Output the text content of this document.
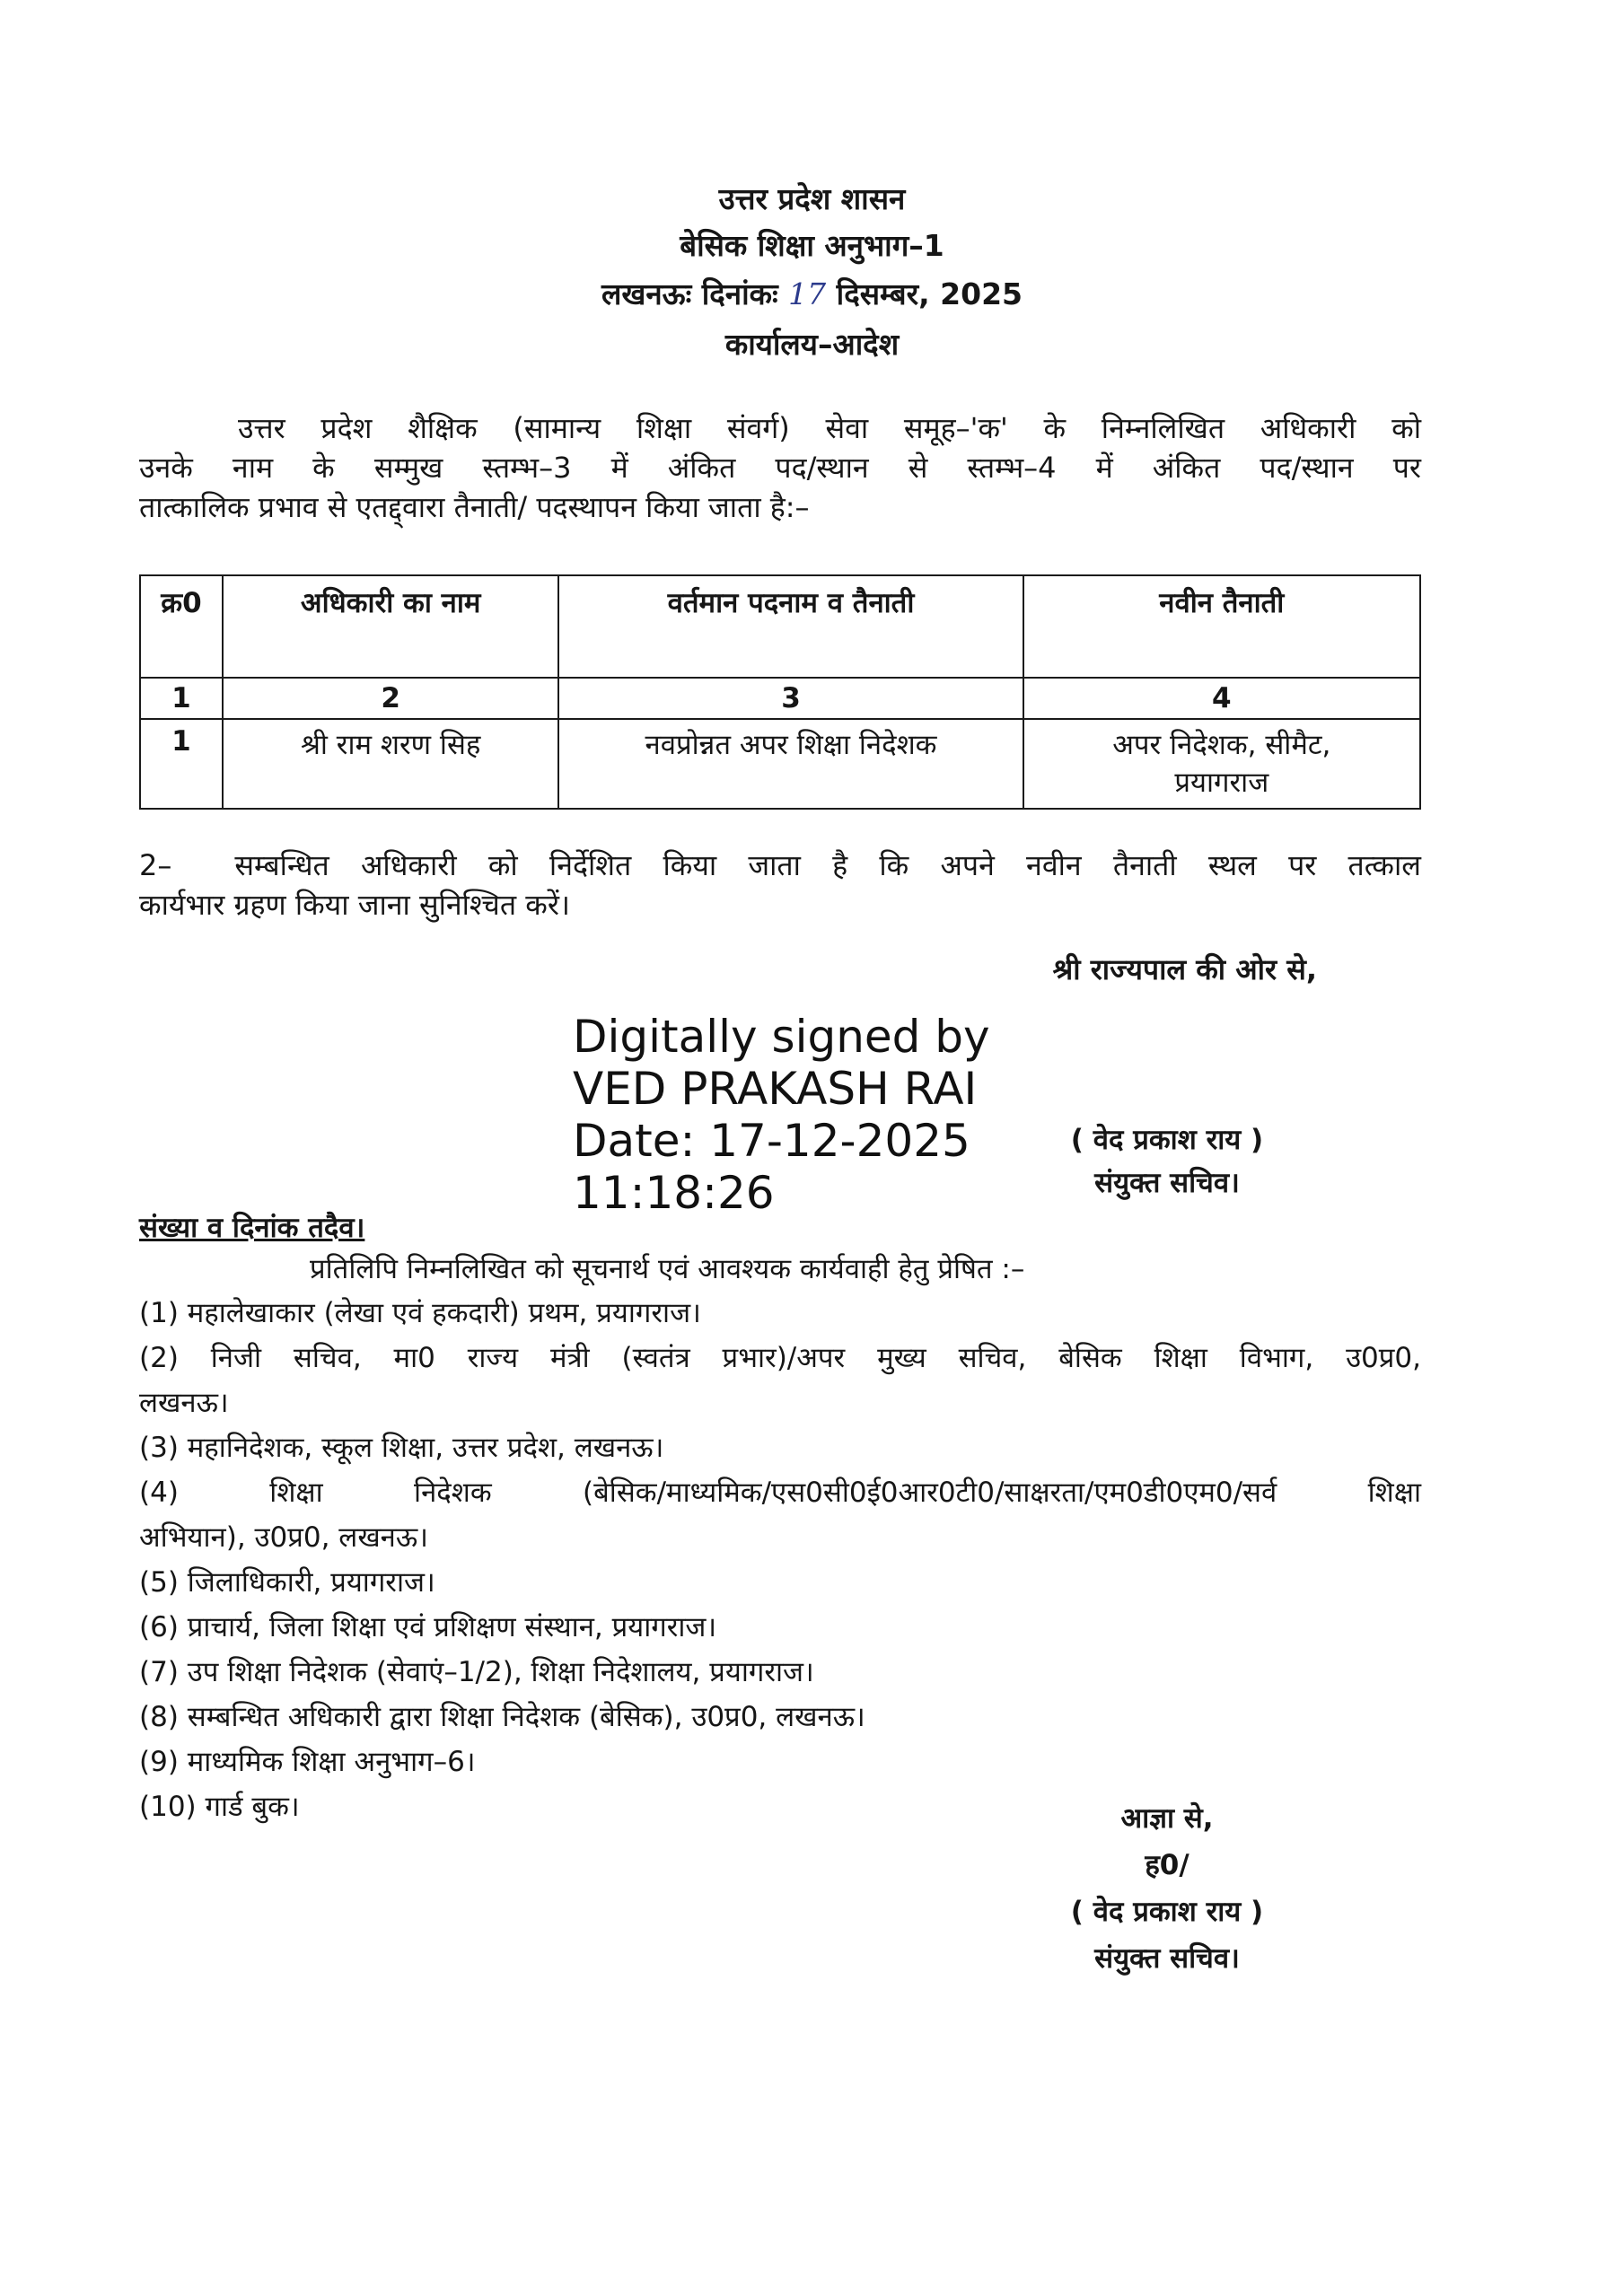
उत्तर प्रदेश शासन
बेसिक शिक्षा अनुभाग–1
लखनऊः दिनांकः 17 दिसम्बर, 2025
कार्यालय–आदेश
उत्तर प्रदेश शैक्षिक (सामान्य शिक्षा संवर्ग) सेवा समूह–'क' के निम्नलिखित अधिकारी को
उनके नाम के सम्मुख स्तम्भ–3 में अंकित पद/स्थान से स्तम्भ–4 में अंकित पद/स्थान पर
तात्कालिक प्रभाव से एतद्द्वारा तैनाती/ पदस्थापन किया जाता है:–
क्र0	अधिकारी का नाम	वर्तमान पदनाम व तैनाती	नवीन तैनाती
1	2	3	4
1	श्री राम शरण सिह	नवप्रोन्नत अपर शिक्षा निदेशक	अपर निदेशक, सीमैट,
प्रयागराज
2– सम्बन्धित अधिकारी को निर्देशित किया जाता है कि अपने नवीन तैनाती स्थल पर तत्काल
कार्यभार ग्रहण किया जाना सुनिश्चित करें।
श्री राज्यपाल की ओर से,
Digitally signed by
VED PRAKASH RAI
Date: 17-12-2025
11:18:26
( वेद प्रकाश राय )
संयुक्त सचिव।
संख्या व दिनांक तदैव।
प्रतिलिपि निम्नलिखित को सूचनार्थ एवं आवश्यक कार्यवाही हेतु प्रेषित :–
(1) महालेखाकार (लेखा एवं हकदारी) प्रथम, प्रयागराज।
(2) निजी सचिव, मा0 राज्य मंत्री (स्वतंत्र प्रभार)/अपर मुख्य सचिव, बेसिक शिक्षा विभाग, उ0प्र0,
लखनऊ।
(3) महानिदेशक, स्कूल शिक्षा, उत्तर प्रदेश, लखनऊ।
(4) शिक्षा निदेशक (बेसिक/माध्यमिक/एस0सी0ई0आर0टी0/साक्षरता/एम0डी0एम0/सर्व शिक्षा
अभियान), उ0प्र0, लखनऊ।
(5) जिलाधिकारी, प्रयागराज।
(6) प्राचार्य, जिला शिक्षा एवं प्रशिक्षण संस्थान, प्रयागराज।
(7) उप शिक्षा निदेशक (सेवाएं–1/2), शिक्षा निदेशालय, प्रयागराज।
(8) सम्बन्धित अधिकारी द्वारा शिक्षा निदेशक (बेसिक), उ0प्र0, लखनऊ।
(9) माध्यमिक शिक्षा अनुभाग–6।
(10) गार्ड बुक।	आज्ञा से,
ह0/
( वेद प्रकाश राय )
संयुक्त सचिव।
